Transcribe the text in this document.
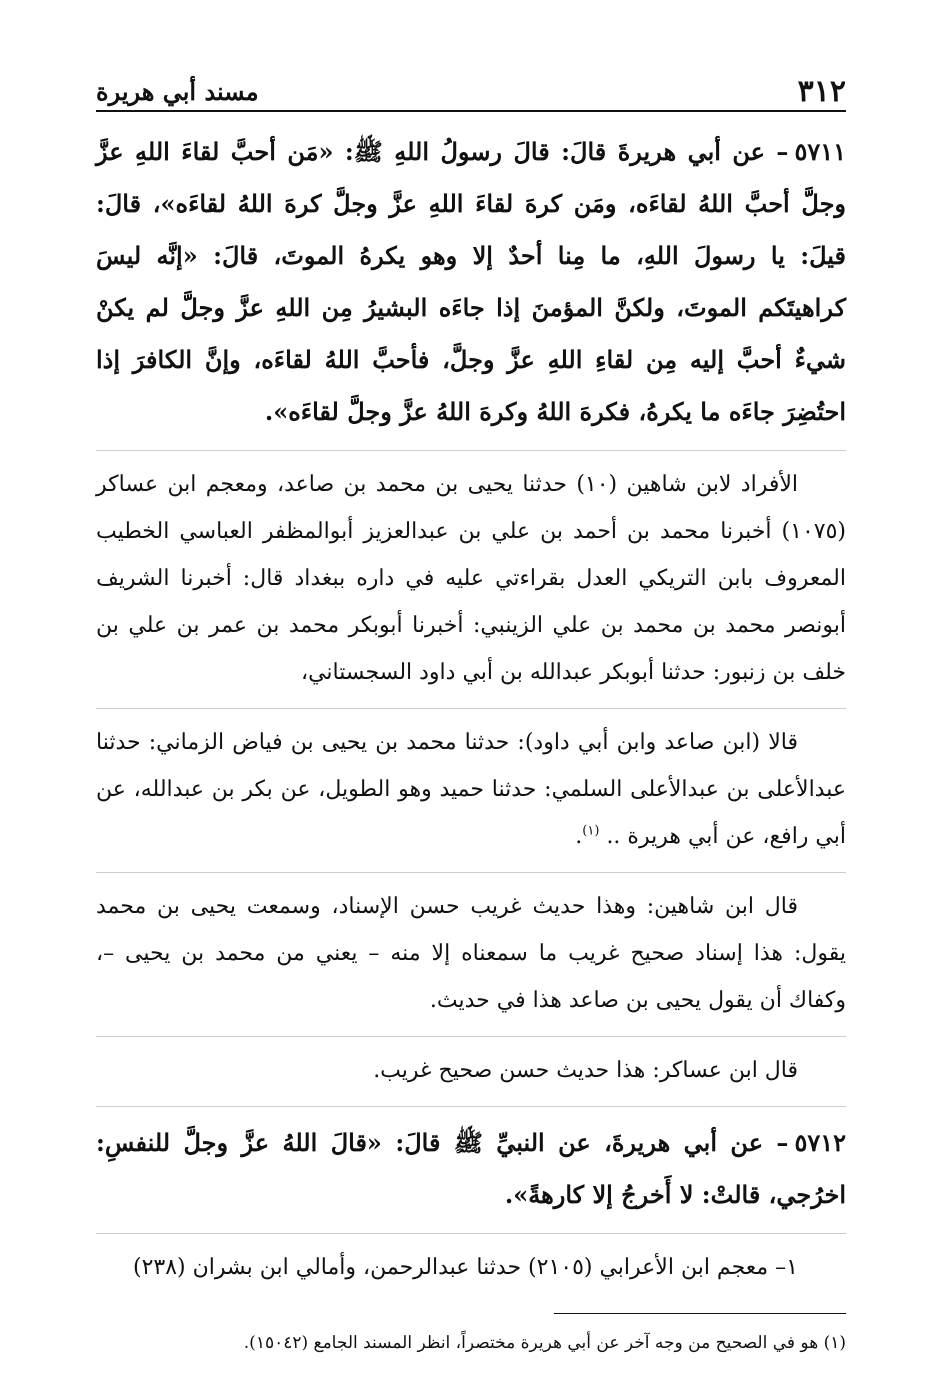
٣١٢
مسند أبي هريرة

٥٧١١– عن أبي هريرةَ قالَ: قالَ رسولُ اللهِ ﷺ: «مَن أحبَّ لقاءَ اللهِ عزَّ وجلَّ أحبَّ اللهُ لقاءَه، ومَن كرهَ لقاءَ اللهِ عزَّ وجلَّ كرهَ اللهُ لقاءَه»، قالَ: قيلَ: يا رسولَ اللهِ، ما مِنا أحدٌ إلا وهو يكرهُ الموتَ، قالَ: «إنَّه ليسَ كراهيتَكم الموتَ، ولكنَّ المؤمنَ إذا جاءَه البشيرُ مِن اللهِ عزَّ وجلَّ لم يكنْ شيءٌ أحبَّ إليه مِن لقاءِ اللهِ عزَّ وجلَّ، فأحبَّ اللهُ لقاءَه، وإنَّ الكافرَ إذا احتُضِرَ جاءَه ما يكرهُ، فكرهَ اللهُ وكرهَ اللهُ عزَّ وجلَّ لقاءَه».

الأفراد لابن شاهين (١٠) حدثنا يحيى بن محمد بن صاعد، ومعجم ابن عساكر (١٠٧٥) أخبرنا محمد بن أحمد بن علي بن عبدالعزيز أبوالمظفر العباسي الخطيب المعروف بابن التريكي العدل بقراءتي عليه في داره ببغداد قال: أخبرنا الشريف أبونصر محمد بن محمد بن علي الزينبي: أخبرنا أبوبكر محمد بن عمر بن علي بن خلف بن زنبور: حدثنا أبوبكر عبدالله بن أبي داود السجستاني،

قالا (ابن صاعد وابن أبي داود): حدثنا محمد بن يحيى بن فياض الزماني: حدثنا عبدالأعلى بن عبدالأعلى السلمي: حدثنا حميد وهو الطويل، عن بكر بن عبدالله، عن أبي رافع، عن أبي هريرة .. $^{(١)}$.

قال ابن شاهين: وهذا حديث غريب حسن الإسناد، وسمعت يحيى بن محمد يقول: هذا إسناد صحيح غريب ما سمعناه إلا منه – يعني من محمد بن يحيى –، وكفاك أن يقول يحيى بن صاعد هذا في حديث.

قال ابن عساكر: هذا حديث حسن صحيح غريب.

٥٧١٢– عن أبي هريرةَ، عن النبيِّ ﷺ قالَ: «قالَ اللهُ عزَّ وجلَّ للنفسِ: اخرُجي، قالتْ: لا أَخرجُ إلا كارهةً».

١– معجم ابن الأعرابي (٢١٠٥) حدثنا عبدالرحمن، وأمالي ابن بشران (٢٣٨)

(١) هو في الصحيح من وجه آخر عن أبي هريرة مختصراً، انظر المسند الجامع (١٥٠٤٢).
